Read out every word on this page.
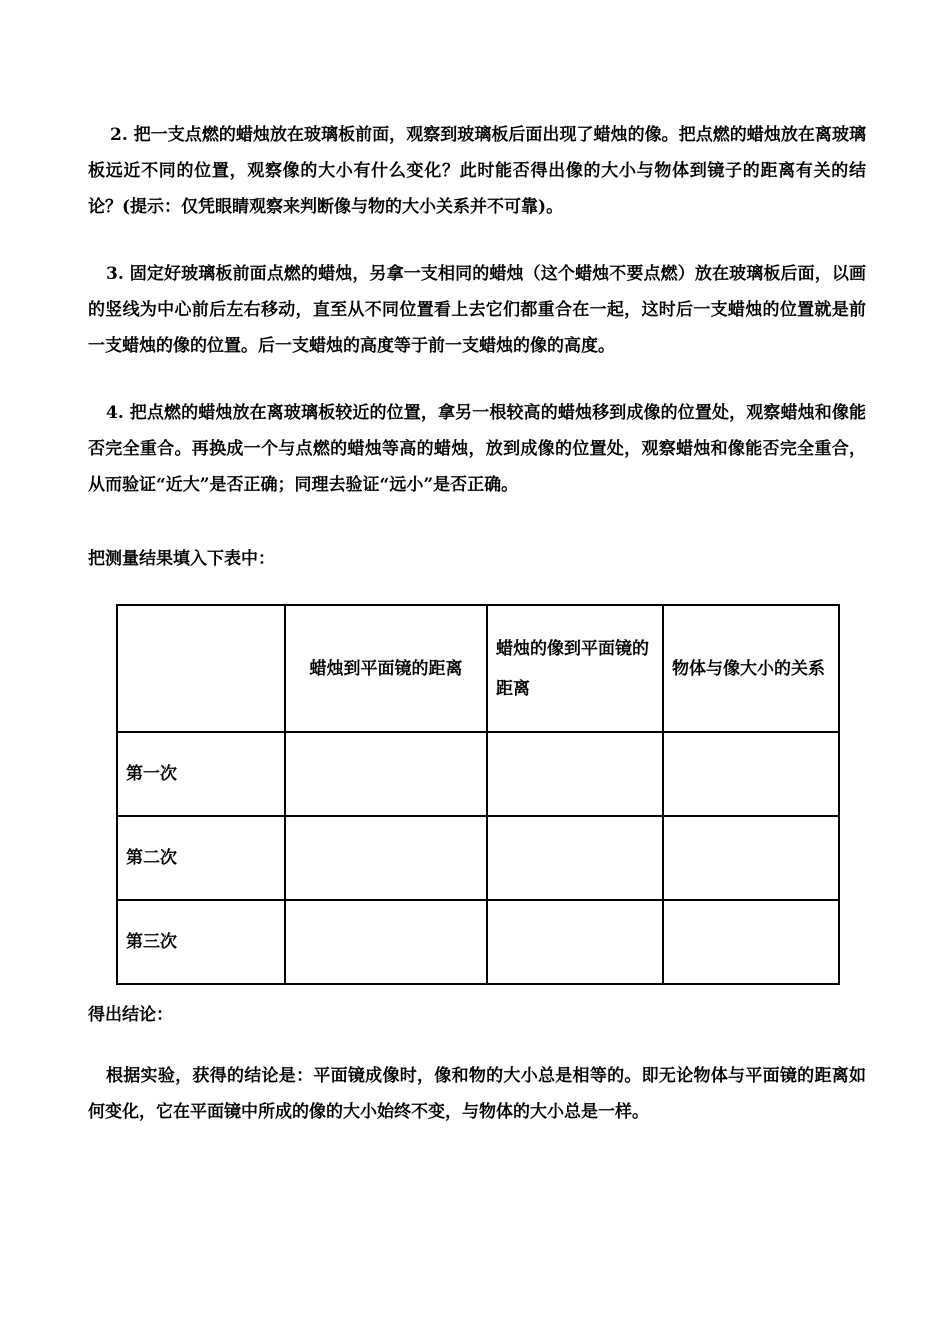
2. 把一支点燃的蜡烛放在玻璃板前面，观察到玻璃板后面出现了蜡烛的像。把点燃的蜡烛放在离玻璃板远近不同的位置，观察像的大小有什么变化？此时能否得出像的大小与物体到镜子的距离有关的结论？(提示：仅凭眼睛观察来判断像与物的大小关系并不可靠)。

3. 固定好玻璃板前面点燃的蜡烛，另拿一支相同的蜡烛（这个蜡烛不要点燃）放在玻璃板后面，以画的竖线为中心前后左右移动，直至从不同位置看上去它们都重合在一起，这时后一支蜡烛的位置就是前一支蜡烛的像的位置。后一支蜡烛的高度等于前一支蜡烛的像的高度。

4. 把点燃的蜡烛放在离玻璃板较近的位置，拿另一根较高的蜡烛移到成像的位置处，观察蜡烛和像能否完全重合。再换成一个与点燃的蜡烛等高的蜡烛，放到成像的位置处，观察蜡烛和像能否完全重合，从而验证“近大”是否正确；同理去验证“远小”是否正确。

把测量结果填入下表中：

	蜡烛到平面镜的距离	蜡烛的像到平面镜的距离	物体与像大小的关系
第一次			
第二次			
第三次			

得出结论：

根据实验，获得的结论是：平面镜成像时，像和物的大小总是相等的。即无论物体与平面镜的距离如何变化，它在平面镜中所成的像的大小始终不变，与物体的大小总是一样。
